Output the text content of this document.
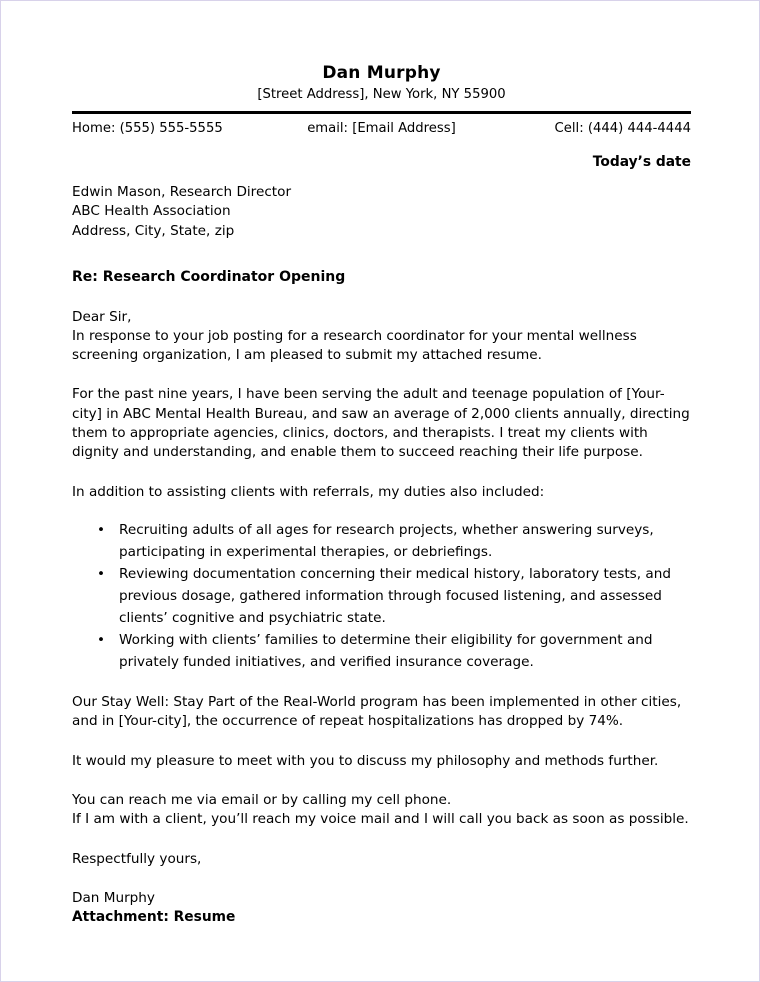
Dan Murphy
[Street Address], New York, NY 55900
Home: (555) 555-5555	email: [Email Address]	Cell: (444) 444-4444
Today’s date
Edwin Mason, Research Director
ABC Health Association
Address, City, State, zip
Re: Research Coordinator Opening
Dear Sir,
In response to your job posting for a research coordinator for your mental wellness screening organization, I am pleased to submit my attached resume.
For the past nine years, I have been serving the adult and teenage population of [Your-city] in ABC Mental Health Bureau, and saw an average of 2,000 clients annually, directing them to appropriate agencies, clinics, doctors, and therapists. I treat my clients with dignity and understanding, and enable them to succeed reaching their life purpose.
In addition to assisting clients with referrals, my duties also included:
• Recruiting adults of all ages for research projects, whether answering surveys, participating in experimental therapies, or debriefings.
• Reviewing documentation concerning their medical history, laboratory tests, and previous dosage, gathered information through focused listening, and assessed clients’ cognitive and psychiatric state.
• Working with clients’ families to determine their eligibility for government and privately funded initiatives, and verified insurance coverage.
Our Stay Well: Stay Part of the Real-World program has been implemented in other cities, and in [Your-city], the occurrence of repeat hospitalizations has dropped by 74%.
It would my pleasure to meet with you to discuss my philosophy and methods further.
You can reach me via email or by calling my cell phone.
If I am with a client, you’ll reach my voice mail and I will call you back as soon as possible.
Respectfully yours,
Dan Murphy
Attachment: Resume
